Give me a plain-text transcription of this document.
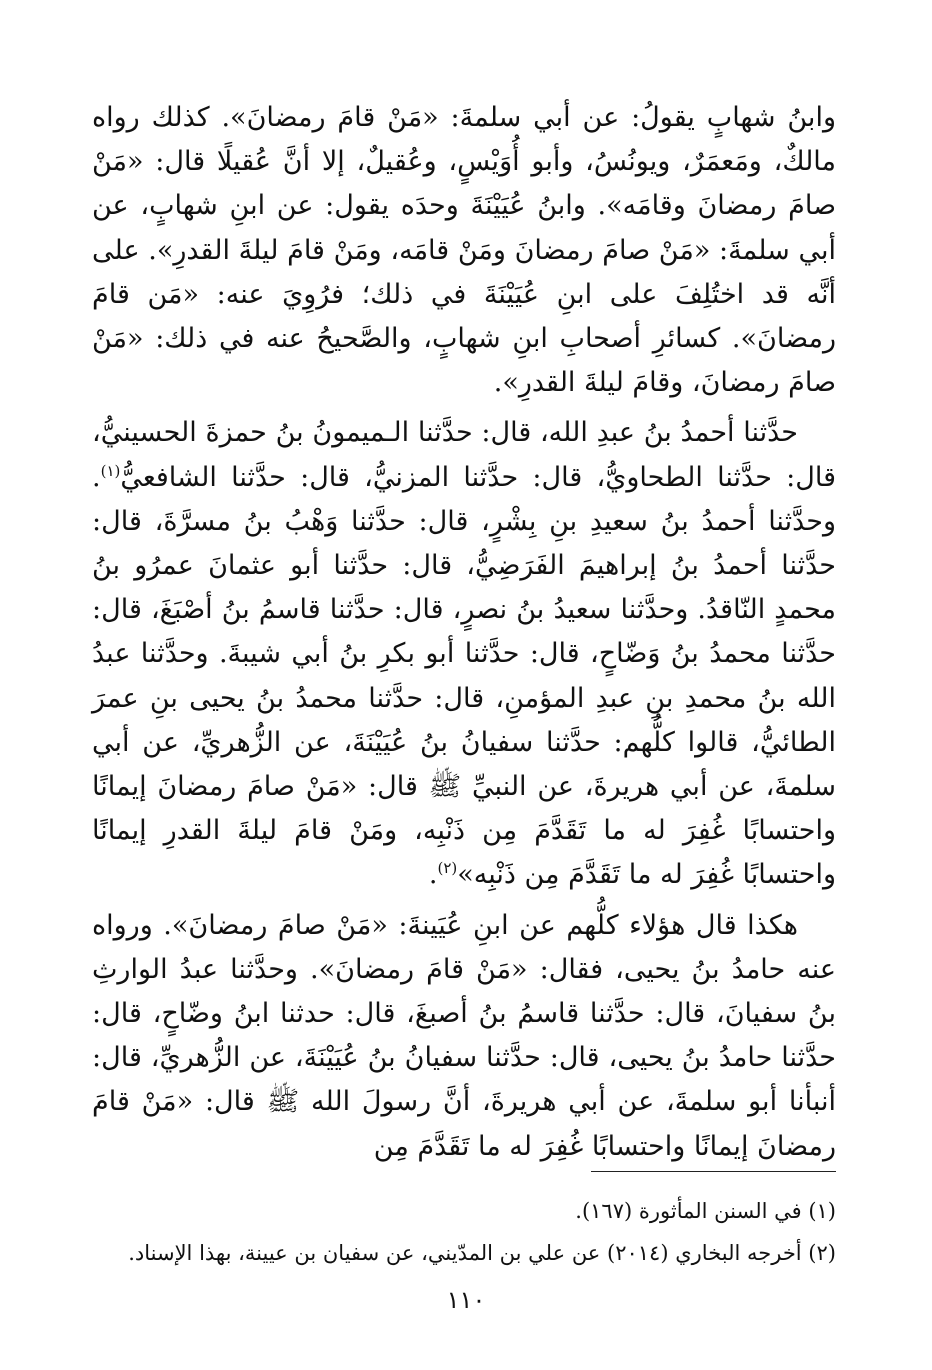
وابنُ شهابٍ يقولُ: عن أبي سلمةَ: «مَنْ قامَ رمضانَ». كذلك رواه مالكٌ، ومَعمَرٌ، ويونُسُ، وأبو أُوَيْسٍ، وعُقيلٌ، إلا أنَّ عُقيلًا قال: «مَنْ صامَ رمضانَ وقامَه». وابنُ عُيَيْنَةَ وحدَه يقول: عن ابنِ شهابٍ، عن أبي سلمةَ: «مَنْ صامَ رمضانَ ومَنْ قامَه، ومَنْ قامَ ليلةَ القدرِ». على أنَّه قد اختُلِفَ على ابنِ عُيَيْنَةَ في ذلك؛ فرُوِيَ عنه: «مَن قامَ رمضانَ». كسائرِ أصحابِ ابنِ شهابٍ، والصَّحيحُ عنه في ذلك: «مَنْ صامَ رمضانَ، وقامَ ليلةَ القدرِ».

حدَّثنا أحمدُ بنُ عبدِ الله، قال: حدَّثنا الـميمونُ بنُ حمزةَ الحسينيُّ، قال: حدَّثنا الطحاويُّ، قال: حدَّثنا المزنيُّ، قال: حدَّثنا الشافعيُّ$^{(١)}$. وحدَّثنا أحمدُ بنُ سعيدِ بنِ بِشْرٍ، قال: حدَّثنا وَهْبُ بنُ مسرَّةَ، قال: حدَّثنا أحمدُ بنُ إبراهيمَ الفَرَضِيُّ، قال: حدَّثنا أبو عثمانَ عمرُو بنُ محمدٍ النّاقدُ. وحدَّثنا سعيدُ بنُ نصرٍ، قال: حدَّثنا قاسمُ بنُ أصْبَغَ، قال: حدَّثنا محمدُ بنُ وَضّاحٍ، قال: حدَّثنا أبو بكرِ بنُ أبي شيبةَ. وحدَّثنا عبدُ الله بنُ محمدِ بنِ عبدِ المؤمنِ، قال: حدَّثنا محمدُ بنُ يحيى بنِ عمرَ الطائيُّ، قالوا كلُّهم: حدَّثنا سفيانُ بنُ عُيَيْنَةَ، عن الزُّهريِّ، عن أبي سلمةَ، عن أبي هريرةَ، عن النبيِّ ﷺ قال: «مَنْ صامَ رمضانَ إيمانًا واحتسابًا غُفِرَ له ما تَقَدَّمَ مِن ذَنْبِه، ومَنْ قامَ ليلةَ القدرِ إيمانًا واحتسابًا غُفِرَ له ما تَقَدَّمَ مِن ذَنْبِه»$^{(٢)}$.

هكذا قال هؤلاء كلُّهم عن ابنِ عُيَينةَ: «مَنْ صامَ رمضانَ». ورواه عنه حامدُ بنُ يحيى، فقال: «مَنْ قامَ رمضانَ». وحدَّثنا عبدُ الوارثِ بنُ سفيانَ، قال: حدَّثنا قاسمُ بنُ أصبغَ، قال: حدثنا ابنُ وضّاحٍ، قال: حدَّثنا حامدُ بنُ يحيى، قال: حدَّثنا سفيانُ بنُ عُيَيْنَةَ، عن الزُّهريِّ، قال: أنبأنا أبو سلمةَ، عن أبي هريرةَ، أنَّ رسولَ الله ﷺ قال: «مَنْ قامَ رمضانَ إيمانًا واحتسابًا غُفِرَ له ما تَقَدَّمَ مِن

(١) في السنن المأثورة (١٦٧).

(٢) أخرجه البخاري (٢٠١٤) عن علي بن المدّيني، عن سفيان بن عيينة، بهذا الإسناد.

١١٠
